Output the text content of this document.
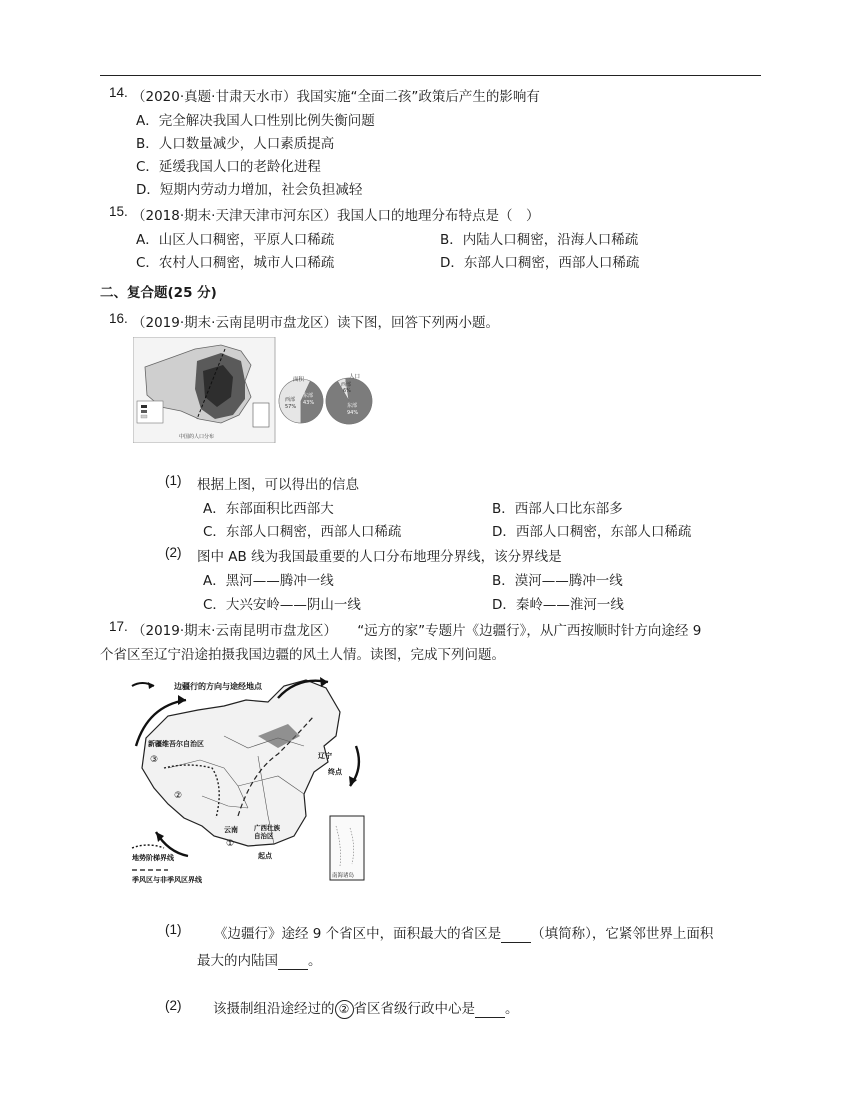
14. （2020·真题·甘肃天水市）我国实施“全面二孩”政策后产生的影响有
A．完全解决我国人口性别比例失衡问题
B．人口数量减少，人口素质提高
C．延缓我国人口的老龄化进程
D．短期内劳动力增加，社会负担减轻
15. （2018·期末·天津天津市河东区）我国人口的地理分布特点是（　）
A．山区人口稠密，平原人口稀疏	B．内陆人口稠密，沿海人口稀疏
C．农村人口稠密，城市人口稀疏	D．东部人口稠密，西部人口稀疏
二、复合题(25 分)
16. （2019·期末·云南昆明市盘龙区）读下图，回答下列两小题。
中国的人口分布
面积
西部
57%
东部
43%
人口
西部
6%
东部
94%
(1) 根据上图，可以得出的信息
A．东部面积比西部大	B．西部人口比东部多
C．东部人口稠密，西部人口稀疏	D．西部人口稠密，东部人口稀疏
(2) 图中 AB 线为我国最重要的人口分布地理分界线，该分界线是
A．黑河——腾冲一线	B．漠河——腾冲一线
C．大兴安岭——阴山一线	D．秦岭——淮河一线
17. （2019·期末·云南昆明市盘龙区）　　“远方的家”专题片《边疆行》，从广西按顺时针方向途经 9
个省区至辽宁沿途拍摄我国边疆的风土人情。读图，完成下列问题。
边疆行的方向与途经地点
新疆维吾尔自治区
辽宁
终点
云南 广西壮族自治区
起点
③
②
①
地势阶梯界线
季风区与非季风区界线	南海诸岛
(1)	《边疆行》途经 9 个省区中，面积最大的省区是 （填简称），它紧邻世界上面积
最大的内陆国 。
(2) 该摄制组沿途经过的 ② 省区省级行政中心是 。
